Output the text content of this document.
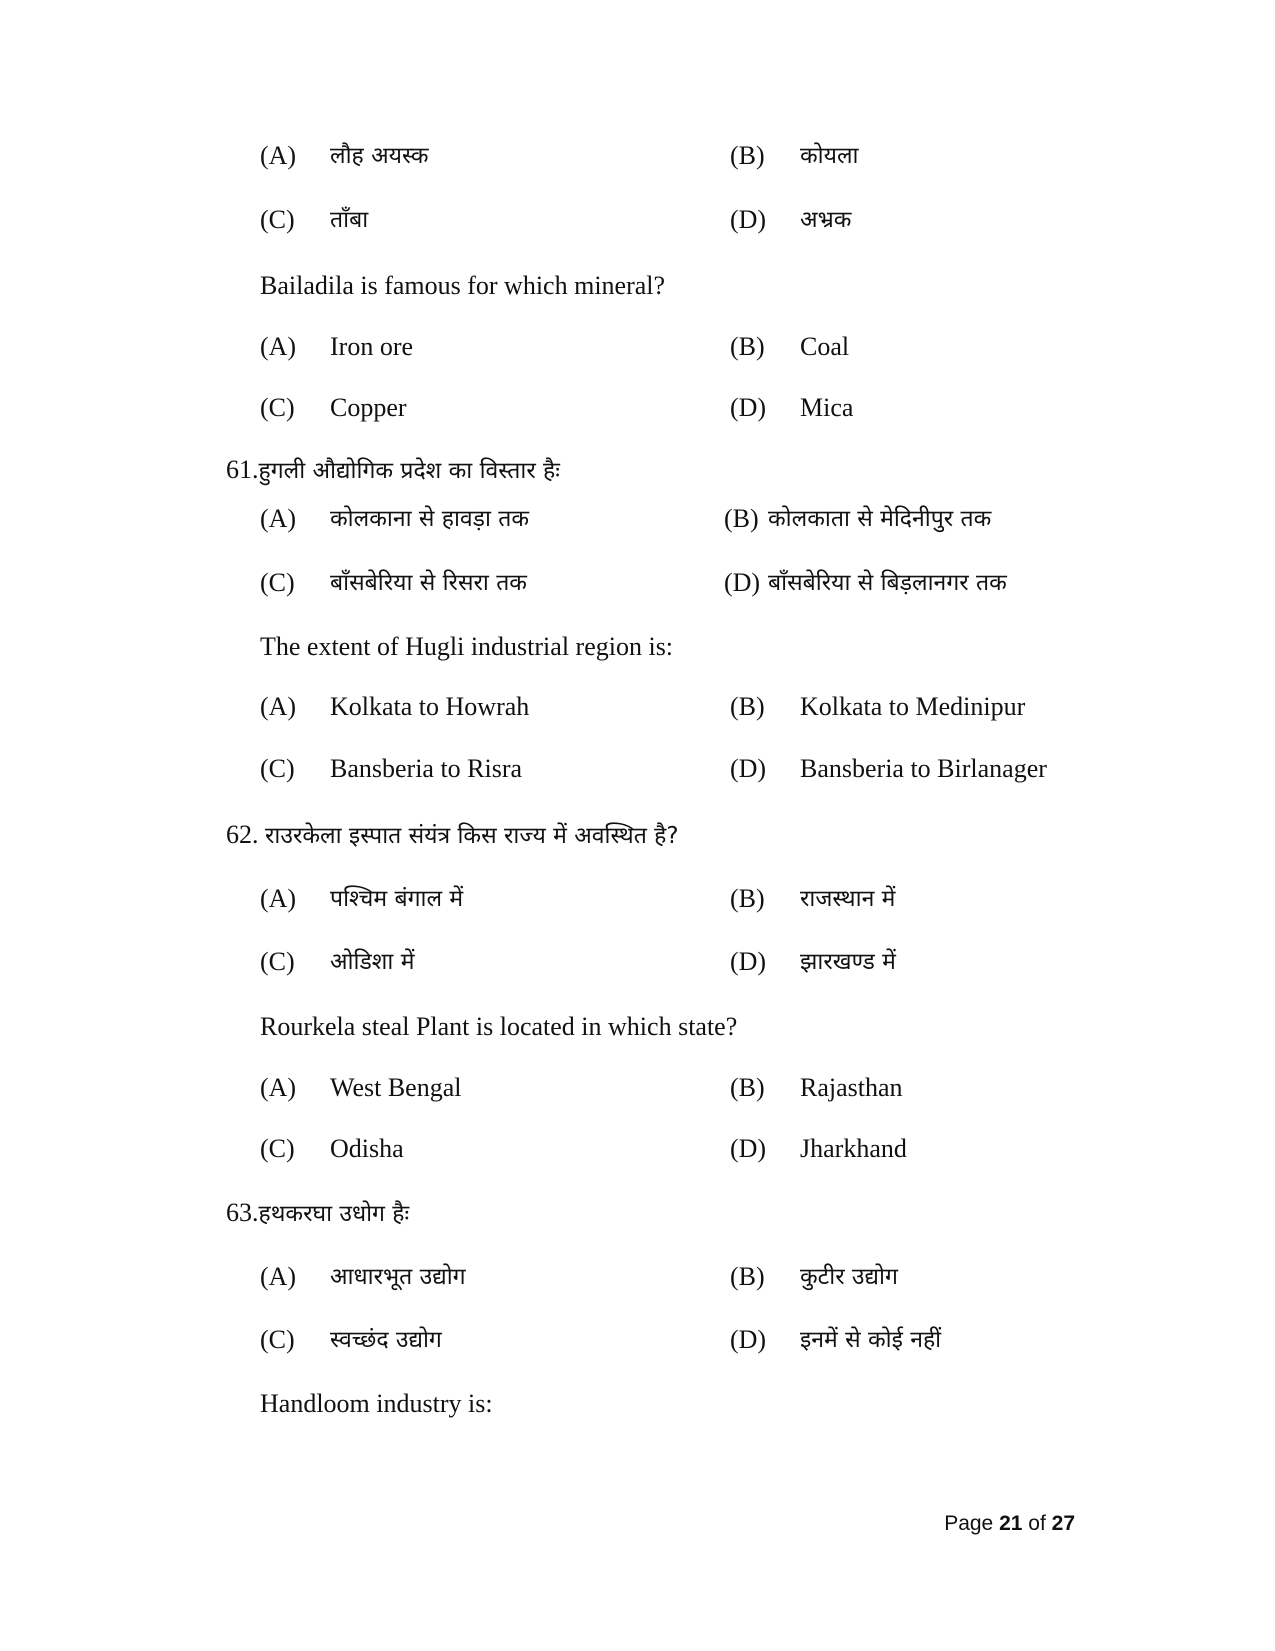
(A) लौह अयस्क	(B) कोयला
(C) ताँबा	(D) अभ्रक
Bailadila is famous for which mineral?
(A) Iron ore	(B) Coal
(C) Copper	(D) Mica
61.हुगली औद्योगिक प्रदेश का विस्तार हैः
(A) कोलकाना से हावड़ा तक	(B) कोलकाता से मेदिनीपुर तक
(C) बाँसबेरिया से रिसरा तक	(D) बाँसबेरिया से बिड़लानगर तक
The extent of Hugli industrial region is:
(A) Kolkata to Howrah	(B) Kolkata to Medinipur
(C) Bansberia to Risra	(D) Bansberia to Birlanager
62. राउरकेला इस्पात संयंत्र किस राज्य में अवस्थित है?
(A) पश्चिम बंगाल में	(B) राजस्थान में
(C) ओडिशा में	(D) झारखण्ड में
Rourkela steal Plant is located in which state?
(A) West Bengal	(B) Rajasthan
(C) Odisha	(D) Jharkhand
63.हथकरघा उधोग हैः
(A) आधारभूत उद्योग	(B) कुटीर उद्योग
(C) स्वच्छंद उद्योग	(D) इनमें से कोई नहीं
Handloom industry is:
Page 21 of 27
